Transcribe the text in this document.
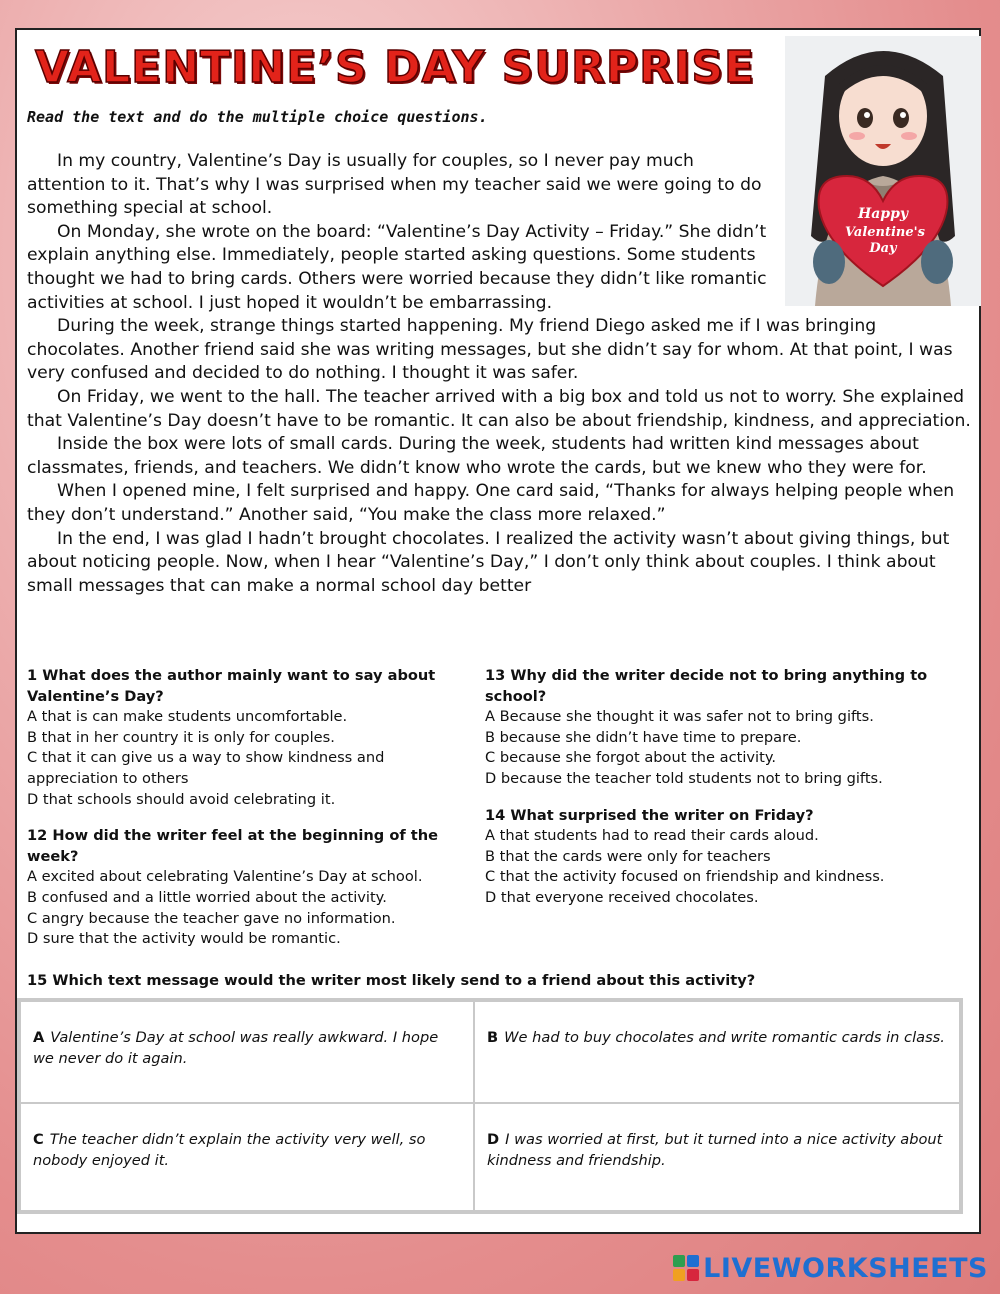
VALENTINE’S DAY SURPRISE

Read the text and do the multiple choice questions.

Happy
Valentine's
Day

In my country, Valentine’s Day is usually for couples, so I never pay much attention to it. That’s why I was surprised when my teacher said we were going to do something special at school.

On Monday, she wrote on the board: “Valentine’s Day Activity – Friday.” She didn’t explain anything else. Immediately, people started asking questions. Some students thought we had to bring cards. Others were worried because they didn’t like romantic activities at school. I just hoped it wouldn’t be embarrassing.

During the week, strange things started happening. My friend Diego asked me if I was bringing chocolates. Another friend said she was writing messages, but she didn’t say for whom. At that point, I was very confused and decided to do nothing. I thought it was safer.

On Friday, we went to the hall. The teacher arrived with a big box and told us not to worry. She explained that Valentine’s Day doesn’t have to be romantic. It can also be about friendship, kindness, and appreciation.

Inside the box were lots of small cards. During the week, students had written kind messages about classmates, friends, and teachers. We didn’t know who wrote the cards, but we knew who they were for.

When I opened mine, I felt surprised and happy. One card said, “Thanks for always helping people when they don’t understand.” Another said, “You make the class more relaxed.”

In the end, I was glad I hadn’t brought chocolates. I realized the activity wasn’t about giving things, but about noticing people. Now, when I hear “Valentine’s Day,” I don’t only think about couples. I think about small messages that can make a normal school day better

1 What does the author mainly want to say about Valentine’s Day?

A that is can make students uncomfortable.

B that in her country it is only for couples.

C that it can give us a way to show kindness and appreciation to others

D that schools should avoid celebrating it.

12 How did the writer feel at the beginning of the week?

A excited about celebrating Valentine’s Day at school.

B confused and a little worried about the activity.

C angry because the teacher gave no information.

D sure that the activity would be romantic.

13 Why did the writer decide not to bring anything to school?

A Because she thought it was safer not to bring gifts.

B because she didn’t have time to prepare.

C because she forgot about the activity.

D because the teacher told students not to bring gifts.

14 What surprised the writer on Friday?

A that students had to read their cards aloud.

B that the cards were only for teachers

C that the activity focused on friendship and kindness.

D that everyone received chocolates.

15 Which text message would the writer most likely send to a friend about this activity?

A Valentine’s Day at school was really awkward. I hope we never do it again.
B We had to buy chocolates and write romantic cards in class.
C The teacher didn’t explain the activity very well, so nobody enjoyed it.
D I was worried at first, but it turned into a nice activity about kindness and friendship.
LIVEWORKSHEETS
